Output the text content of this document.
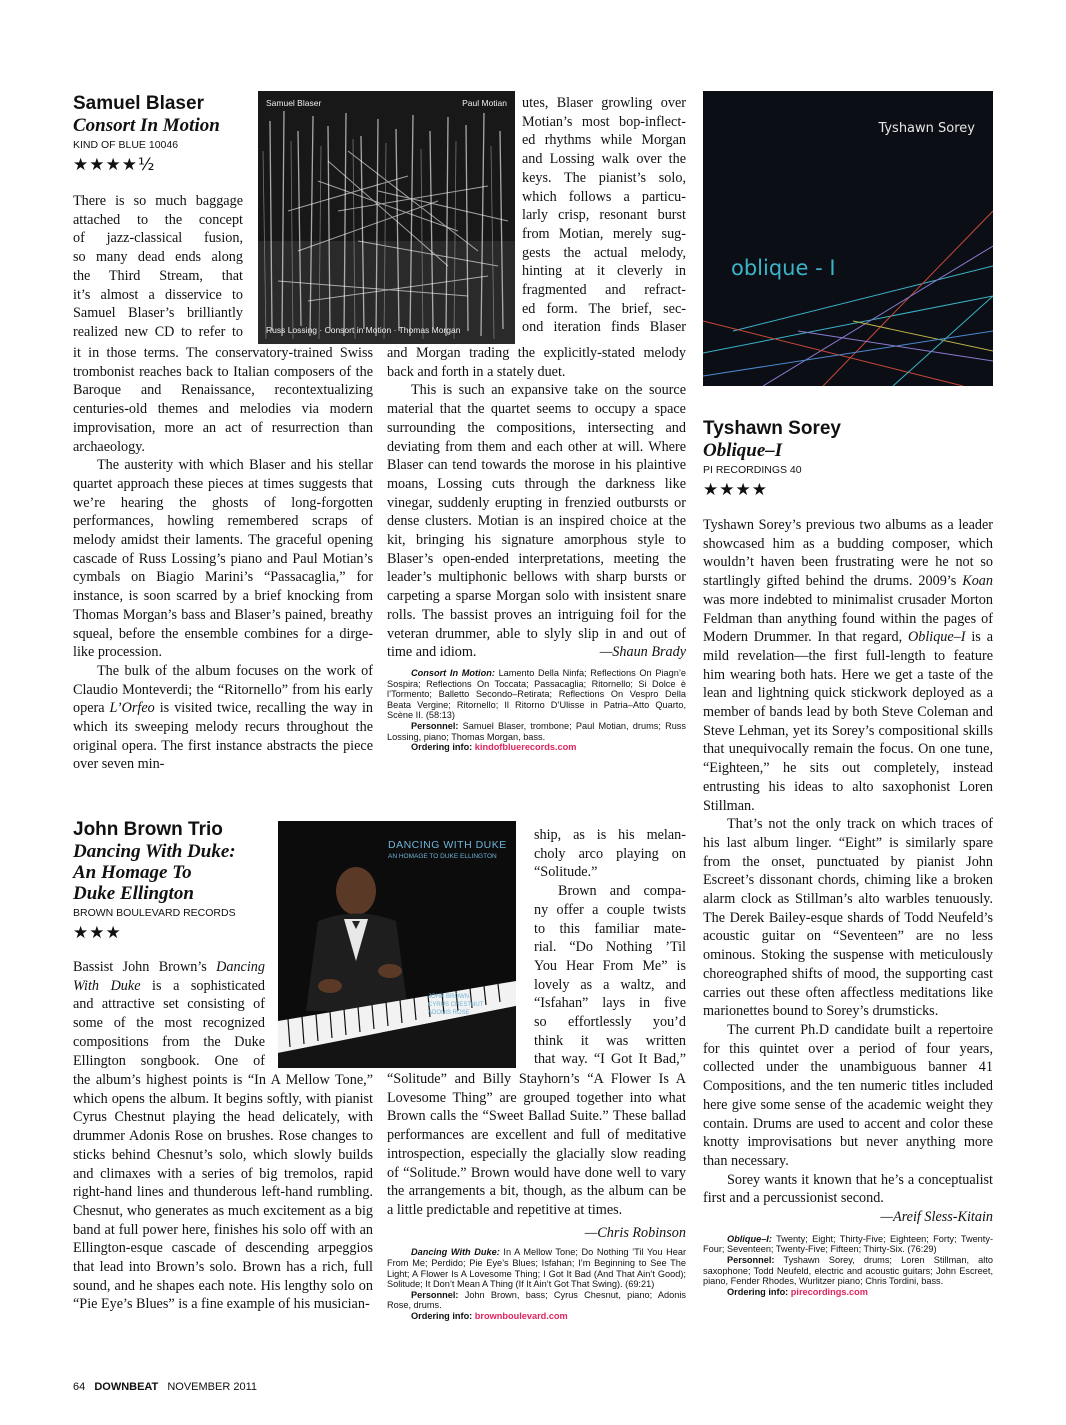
Samuel Blaser

Consort In Motion

KIND OF BLUE 10046

★★★★½

Samuel Blaser	Paul Motian
Russ Lossing · Consort in Motion · Thomas Morgan
There is so much baggage
attached to the concept
of jazz-classical fusion,
so many dead ends along
the Third Stream, that
it’s almost a disservice to
Samuel Blaser’s brilliantly
realized new CD to refer to

it in those terms. The conservatory-trained Swiss trombonist reaches back to Italian composers of the Baroque and Renaissance, recontextualizing centuries-old themes and melodies via modern improvisation, more an act of resurrection than archaeology.

The austerity with which Blaser and his stellar quartet approach these pieces at times suggests that we’re hearing the ghosts of long-forgotten performances, howling remembered scraps of melody amidst their laments. The graceful opening cascade of Russ Lossing’s piano and Paul Motian’s cymbals on Biagio Marini’s “Passacaglia,” for instance, is soon scarred by a brief knocking from Thomas Morgan’s bass and Blaser’s pained, breathy squeal, before the ensemble combines for a dirge-like procession.

The bulk of the album focuses on the work of Claudio Monteverdi; the “Ritornello” from his early opera L’Orfeo is visited twice, recalling the way in which its sweeping melody recurs throughout the original opera. The first instance abstracts the piece over seven min-

utes, Blaser growling over
Motian’s most bop-inflect-
ed rhythms while Morgan
and Lossing walk over the
keys. The pianist’s solo,
which follows a particu-
larly crisp, resonant burst
from Motian, merely sug-
gests the actual melody,
hinting at it cleverly in
fragmented and refract-
ed form. The brief, sec-
ond iteration finds Blaser

and Morgan trading the explicitly-stated melody back and forth in a stately duet.

This is such an expansive take on the source material that the quartet seems to occupy a space surrounding the compositions, intersecting and deviating from them and each other at will. Where Blaser can tend towards the morose in his plaintive moans, Lossing cuts through the darkness like vinegar, suddenly erupting in frenzied outbursts or dense clusters. Motian is an inspired choice at the kit, bringing his signature amorphous style to Blaser’s open-ended interpretations, meeting the leader’s multiphonic bellows with sharp bursts or carpeting a sparse Morgan solo with insistent snare rolls. The bassist proves an intriguing foil for the veteran drummer, able to slyly slip in and out of time and idiom.	—Shaun Brady

Consort In Motion: Lamento Della Ninfa; Reflections On Piagn’e Sospira; Reflections On Toccata; Passacaglia; Ritornello; Si Dolce è l’Tormento; Balletto Secondo–Retirata; Reflections On Vespro Della Beata Vergine; Ritornello; Il Ritorno D’Ulisse in Patria–Atto Quarto, Scène II. (58:13)

Personnel: Samuel Blaser, trombone; Paul Motian, drums; Russ Lossing, piano; Thomas Morgan, bass.

Ordering info: kindofbluerecords.com

John Brown Trio

Dancing With Duke:

An Homage To

Duke Ellington

BROWN BOULEVARD RECORDS

★★★

DANCING WITH DUKE
AN HOMAGE TO DUKE ELLINGTON
JOHN BROWN
CYRUS CHESTNUT
ADONIS ROSE
Bassist John Brown’s Dancing
With Duke is a sophisticated
and attractive set consisting of
some of the most recognized
compositions from the Duke
Ellington songbook. One of

the album’s highest points is “In A Mellow Tone,” which opens the album. It begins softly, with pianist Cyrus Chestnut playing the head delicately, with drummer Adonis Rose on brushes. Rose changes to sticks behind Chesnut’s solo, which slowly builds and climaxes with a series of big tremolos, rapid right-hand lines and thunderous left-hand rumbling. Chesnut, who generates as much excitement as a big band at full power here, finishes his solo off with an Ellington-esque cascade of descending arpeggios that lead into Brown’s solo. Brown has a rich, full sound, and he shapes each note. His lengthy solo on “Pie Eye’s Blues” is a fine example of his musician-

ship, as is his melan-
choly arco playing on
“Solitude.”
Brown and compa-
ny offer a couple twists
to this familiar mate-
rial. “Do Nothing ’Til
You Hear From Me” is
lovely as a waltz, and
“Isfahan” lays in five
so effortlessly you’d
think it was written
that way. “I Got It Bad,”

“Solitude” and Billy Stayhorn’s “A Flower Is A Lovesome Thing” are grouped together into what Brown calls the “Sweet Ballad Suite.” These ballad performances are excellent and full of meditative introspection, especially the glacially slow reading of “Solitude.” Brown would have done well to vary the arrangements a bit, though, as the album can be a little predictable and repetitive at times.

—Chris Robinson

Dancing With Duke: In A Mellow Tone; Do Nothing ’Til You Hear From Me; Perdido; Pie Eye’s Blues; Isfahan; I’m Beginning to See The Light; A Flower Is A Lovesome Thing; I Got It Bad (And That Ain’t Good); Solitude; It Don’t Mean A Thing (If It Ain’t Got That Swing). (69:21)

Personnel: John Brown, bass; Cyrus Chesnut, piano; Adonis Rose, drums.

Ordering info: brownboulevard.com

Tyshawn Sorey
oblique - I

Tyshawn Sorey

Oblique–I

PI RECORDINGS 40

★★★★

Tyshawn Sorey’s previous two albums as a leader showcased him as a budding composer, which wouldn’t haven been frustrating were he not so startlingly gifted behind the drums. 2009’s Koan was more indebted to minimalist crusader Morton Feldman than anything found within the pages of Modern Drummer. In that regard, Oblique–I is a mild revelation—the first full-length to feature him wearing both hats. Here we get a taste of the lean and lightning quick stickwork deployed as a member of bands lead by both Steve Coleman and Steve Lehman, yet its Sorey’s compositional skills that unequivocally remain the focus. On one tune, “Eighteen,” he sits out completely, instead entrusting his ideas to alto saxophonist Loren Stillman.

That’s not the only track on which traces of his last album linger. “Eight” is similarly spare from the onset, punctuated by pianist John Escreet’s dissonant chords, chiming like a broken alarm clock as Stillman’s alto warbles tenuously. The Derek Bailey-esque shards of Todd Neufeld’s acoustic guitar on “Seventeen” are no less ominous. Stoking the suspense with meticulously choreographed shifts of mood, the supporting cast carries out these often affectless meditations like marionettes bound to Sorey’s drumsticks.

The current Ph.D candidate built a repertoire for this quintet over a period of four years, collected under the unambiguous banner 41 Compositions, and the ten numeric titles included here give some sense of the academic weight they contain. Drums are used to accent and color these knotty improvisations but never anything more than necessary.

Sorey wants it known that he’s a conceptualist first and a percussionist second.

—Areif Sless-Kitain

Oblique–I: Twenty; Eight; Thirty-Five; Eighteen; Forty; Twenty-Four; Seventeen; Twenty-Five; Fifteen; Thirty-Six. (76:29)

Personnel: Tyshawn Sorey, drums; Loren Stillman, alto saxophone; Todd Neufeld, electric and acoustic guitars; John Escreet, piano, Fender Rhodes, Wurlitzer piano; Chris Tordini, bass.

Ordering info: pirecordings.com

64 DOWNBEAT NOVEMBER 2011
